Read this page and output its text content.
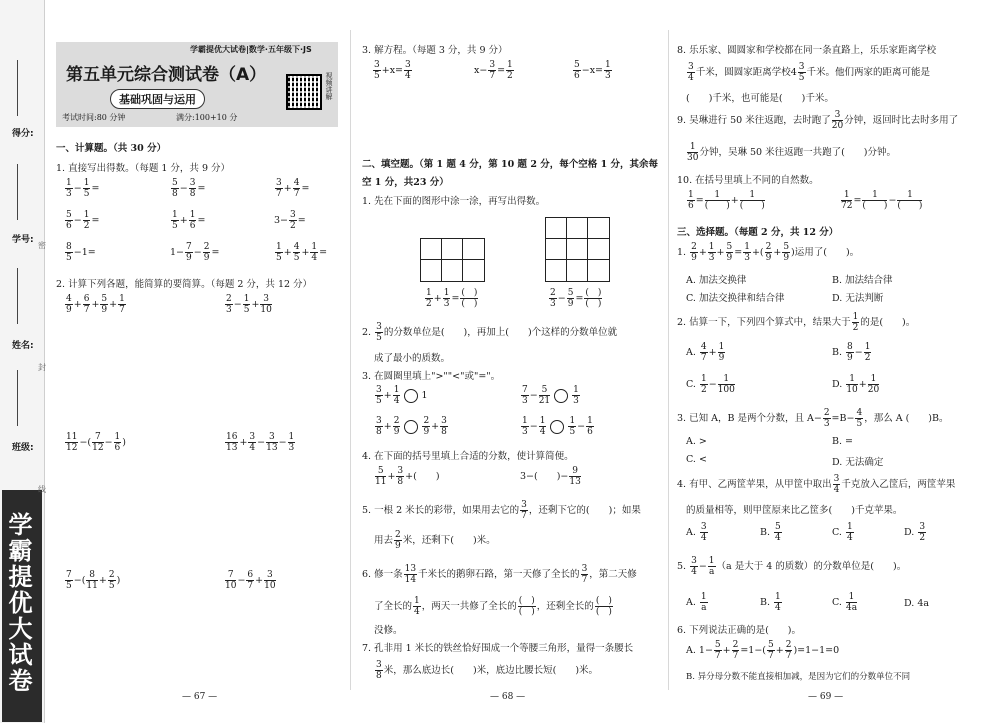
得分:
学号:
姓名:
班级:
学霸提优大试卷
密
封
线
学霸提优大试卷|数学·五年级下·JS
第五单元综合测试卷（A）
基础巩固与运用
考试时间:80 分钟	满分:100+10 分
视频讲解
一、计算题。（共 30 分）
1. 直接写出得数。（每题 1 分，共 9 分）
$\frac{1}{3} - \frac{1}{5}$ =	$\frac{5}{8} - \frac{3}{8}$ =	$\frac{3}{7} + \frac{4}{7}$ =
$\frac{5}{6} - \frac{1}{2}$ =	$\frac{1}{5} + \frac{1}{6}$ =	$3- \frac{3}{2}$ =
$\frac{8}{5} -1=$	$1- \frac{7}{9} - \frac{2}{9}$ =	$\frac{1}{5} + \frac{4}{5} + \frac{1}{4}$ =
2. 计算下列各题，能简算的要简算。（每题 2 分，共 12 分）
$\frac{4}{9} + \frac{6}{7} + \frac{5}{9} + \frac{1}{7}$	$\frac{2}{3} - \frac{1}{5} + \frac{3}{10}$
$\frac{11}{12}$ −( $\frac{7}{12} - \frac{1}{6}$ )	$\frac{16}{13} + \frac{3}{4} - \frac{3}{13} - \frac{1}{3}$
$\frac{7}{5}$ −( $\frac{8}{11} + \frac{2}{5}$ )	$\frac{7}{10} - \frac{6}{7} + \frac{3}{10}$
— 67 —
3. 解方程。（每题 3 分，共 9 分）
$\frac{3}{5} +x= \frac{3}{4}$	$x- \frac{3}{7} = \frac{1}{2}$	$\frac{5}{6} -x= \frac{1}{3}$
二、填空题。（第 1 题 4 分，第 10 题 2 分，每个空格 1 分，其余每
空 1 分，共23 分）
1. 先在下面的图形中涂一涂，再写出得数。
$\frac{1}{2} + \frac{1}{3} = \frac{( )}{( )}$	$\frac{2}{3} - \frac{5}{9} = \frac{( )}{( )}$
2. $\frac{3}{5}$ 的分数单位是(　　)，再加上(　　)个这样的分数单位就
成了最小的质数。
3. 在圆圈里填上">""<"或"="。
$\frac{3}{5} + \frac{1}{4} 1$	$\frac{7}{3} - \frac{5}{21} \frac{1}{3}$
$\frac{3}{8} + \frac{2}{9} \frac{2}{9} + \frac{3}{8}$	$\frac{1}{3} - \frac{1}{4} \frac{1}{5} - \frac{1}{6}$
4. 在下面的括号里填上合适的分数，使计算简便。
$\frac{5}{11} + \frac{3}{8}$ +(　　)	3−(　　)− $\frac{9}{13}$
5. 一根 2 米长的彩带，如果用去它的 $\frac{3}{7}$ ，还剩下它的(　　)；如果
用去 $\frac{2}{9}$ 米，还剩下(　　)米。
6. 修一条 $\frac{13}{14}$ 千米长的鹅卵石路，第一天修了全长的 $\frac{3}{7}$ ，第二天修
了全长的 $\frac{1}{4}$ ，两天一共修了全长的 $\frac{( )}{( )}$ ，还剩全长的 $\frac{( )}{( )}$
没修。
7. 孔非用 1 米长的铁丝恰好围成一个等腰三角形，量得一条腰长
$\frac{3}{8}$ 米，那么底边长(　　)米，底边比腰长短(　　)米。
— 68 —
8. 乐乐家、圆圆家和学校都在同一条直路上，乐乐家距离学校
$\frac{3}{4}$ 千米，圆圆家距离学校$4 \frac{3}{5}$ 千米。他们两家的距离可能是
(　　)千米，也可能是(　　)千米。
9. 吴琳进行 50 米往返跑，去时跑了 $\frac{3}{20}$ 分钟，返回时比去时多用了
$\frac{1}{30}$ 分钟，吴琳 50 米往返跑一共跑了(　　)分钟。
10. 在括号里填上不同的自然数。
$\frac{1}{6} = \frac{1}{( )} + \frac{1}{( )}$	$\frac{1}{72} = \frac{1}{( )} - \frac{1}{( )}$
三、选择题。（每题 2 分，共 12 分）
1. $\frac{2}{9} + \frac{1}{3} + \frac{5}{9} = \frac{1}{3}$ +( $\frac{2}{9} + \frac{5}{9}$ )运用了(　　)。
A. 加法交换律	B. 加法结合律
C. 加法交换律和结合律	D. 无法判断
2. 估算一下，下列四个算式中，结果大于 $\frac{1}{2}$ 的是(　　)。
A. $\frac{4}{7} + \frac{1}{9}$	B. $\frac{8}{9} - \frac{1}{2}$
C. $\frac{1}{2} - \frac{1}{100}$	D. $\frac{1}{10} + \frac{1}{20}$
3. 已知 A，B 是两个分数，且 $A- \frac{2}{3} =B- \frac{4}{5}$ ，那么 A (　　)B。
A. >	B. =
C. <	D. 无法确定
4. 有甲、乙两筐苹果，从甲筐中取出 $\frac{3}{4}$ 千克放入乙筐后，两筐苹果
的质量相等，则甲筐原来比乙筐多(　　)千克苹果。
A. $\frac{3}{4}$	B. $\frac{5}{4}$	C. $\frac{1}{4}$	D. $\frac{3}{2}$
5. $\frac{3}{4} - \frac{1}{a} (a$ 是大于 4 的质数）的分数单位是(　　)。
A. $\frac{1}{a}$	B. $\frac{1}{4}$	C. $\frac{1}{4a}$	D. 4a
6. 下列说法正确的是(　　)。
A. $1- \frac{5}{7} + \frac{2}{7} =1-( \frac{5}{7} + \frac{2}{7} )=1-1=0$
B. 异分母分数不能直接相加减，是因为它们的分数单位不同
— 69 —
